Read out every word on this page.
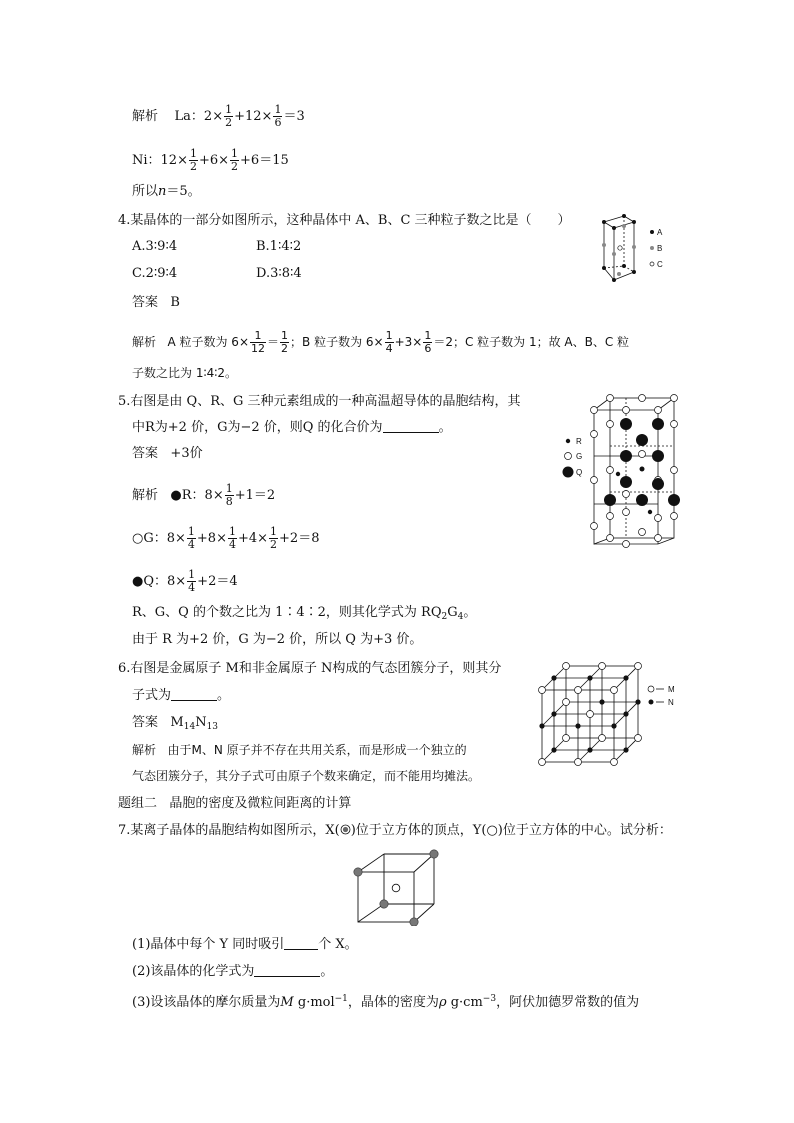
解析 La：$2\times \frac{1}{2} +12\times \frac{1}{6} =3$
Ni：$12\times \frac{1}{2} +6\times \frac{1}{2} +6=15$
所以n＝5。
4.某晶体的一部分如图所示，这种晶体中 A、B、C 三种粒子数之比是（　　）
A.3∶9∶4	B.1∶4∶2
C.2∶9∶4	D.3∶8∶4
答案 B
解析 A 粒子数为 $6\times \frac{1}{12} = \frac{1}{2}$ ；B 粒子数为 $6\times \frac{1}{4} +3\times \frac{1}{6} =2$；C 粒子数为 1；故 A、B、C 粒
子数之比为 1∶4∶2。
A
B
C
5.右图是由 Q、R、G 三种元素组成的一种高温超导体的晶胞结构，其
中R为+2 价，G为−2 价，则Q 的化合价为	。
答案 +3价
解析 ●R：$8\times \frac{1}{8} +1=2$
○G：$8\times \frac{1}{4} +8\times \frac{1}{4} +4\times \frac{1}{2} +2=8$
●Q：$8\times \frac{1}{4} +2=4$
R、G、Q 的个数之比为 1∶4∶2，则其化学式为 $RQ_2G_4$。
由于 R 为+2 价，G 为−2 价，所以 Q 为+3 价。
R
G
Q
6.右图是金属原子 M和非金属原子 N构成的气态团簇分子，则其分
子式为	。
答案 $M_{14}N_{13}$
解析 由于M、N 原子并不存在共用关系，而是形成一个独立的
气态团簇分子，其分子式可由原子个数来确定，而不能用均摊法。
M
N
题组二 晶胞的密度及微粒间距离的计算
7.某离子晶体的晶胞结构如图所示，X( )位于立方体的顶点，Y(○)位于立方体的中心。试分析：
(1)晶体中每个 Y 同时吸引	个 X。
(2)该晶体的化学式为	。
(3)设该晶体的摩尔质量为M g·mol$^{-1}$，晶体的密度为ρ $g\cdot cm^{-3}$，阿伏加德罗常数的值为
